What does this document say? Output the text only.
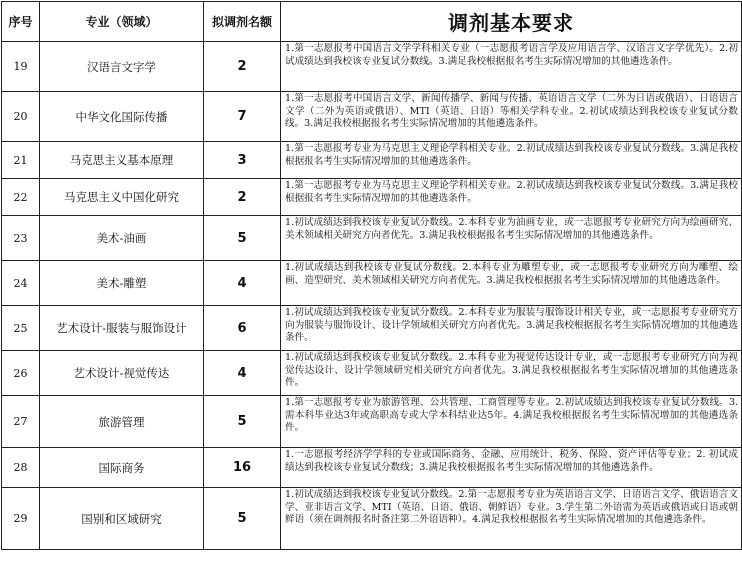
序号	专业（领域）	拟调剂名额	调剂基本要求
19	汉语言文字学	2	1.第一志愿报考中国语言文学学科相关专业（一志愿报考语言学及应用语言学、汉语言文字学优先）。2.初试成绩达到我校该专业复试分数线。3.满足我校根据报名考生实际情况增加的其他遴选条件。
20	中华文化国际传播	7	1.第一志愿报考中国语言文学、新闻传播学、新闻与传播、英语语言文学（二外为日语或俄语）、日语语言文学（二外为英语或俄语）、MTI（英语、日语）等相关学科专业。2.初试成绩达到我校该专业复试分数线。3.满足我校根据报名考生实际情况增加的其他遴选条件。
21	马克思主义基本原理	3	1.第一志愿报考专业为马克思主义理论学科相关专业。2.初试成绩达到我校该专业复试分数线。3.满足我校根据报名考生实际情况增加的其他遴选条件。
22	马克思主义中国化研究	2	1.第一志愿报考专业为马克思主义理论学科相关专业。2.初试成绩达到我校该专业复试分数线。3.满足我校根据报名考生实际情况增加的其他遴选条件。
23	美术-油画	5	1.初试成绩达到我校该专业复试分数线。2.本科专业为油画专业，或一志愿报考专业研究方向为绘画研究、美术领域相关研究方向者优先。3.满足我校根据报名考生实际情况增加的其他遴选条件。
24	美术-雕塑	4	1.初试成绩达到我校该专业复试分数线。2.本科专业为雕塑专业，或一志愿报考专业研究方向为雕塑、绘画、造型研究、美术领域相关研究方向者优先。3.满足我校根据报名考生实际情况增加的其他遴选条件。
25	艺术设计-服装与服饰设计	6	1.初试成绩达到我校该专业复试分数线。2.本科专业为服装与服饰设计相关专业，或一志愿报考专业研究方向为服装与服饰设计、设计学领域相关研究方向者优先。3.满足我校根据报名考生实际情况增加的其他遴选条件。
26	艺术设计-视觉传达	4	1.初试成绩达到我校该专业复试分数线。2.本科专业为视觉传达设计专业，或一志愿报考专业研究方向为视觉传达设计、设计学领域研究相关研究方向者优先。3.满足我校根据报名考生实际情况增加的其他遴选条件。
27	旅游管理	5	1.第一志愿报考专业为旅游管理、公共管理、工商管理等专业。2.初试成绩达到我校该专业复试分数线。3.需本科毕业达3年或高职高专或大学本科结业达5年。4.满足我校根据报名考生实际情况增加的其他遴选条件。
28	国际商务	16	1.一志愿报考经济学学科的专业或国际商务、金融、应用统计、税务、保险、资产评估等专业；2. 初试成绩达到我校该专业复试分数线；3.满足我校根据报名考生实际情况增加的其他遴选条件。
29	国别和区域研究	5	1.初试成绩达到我校该专业复试分数线。2.第一志愿报考专业为英语语言文学、日语语言文学、俄语语言文学、亚非语言文学、MTI（英语、日语、俄语、朝鲜语）专业。3.学生第二外语需为英语或俄语或日语或朝鲜语（须在调剂报名时备注第二外语语种）。4.满足我校根据报名考生实际情况增加的其他遴选条件。
